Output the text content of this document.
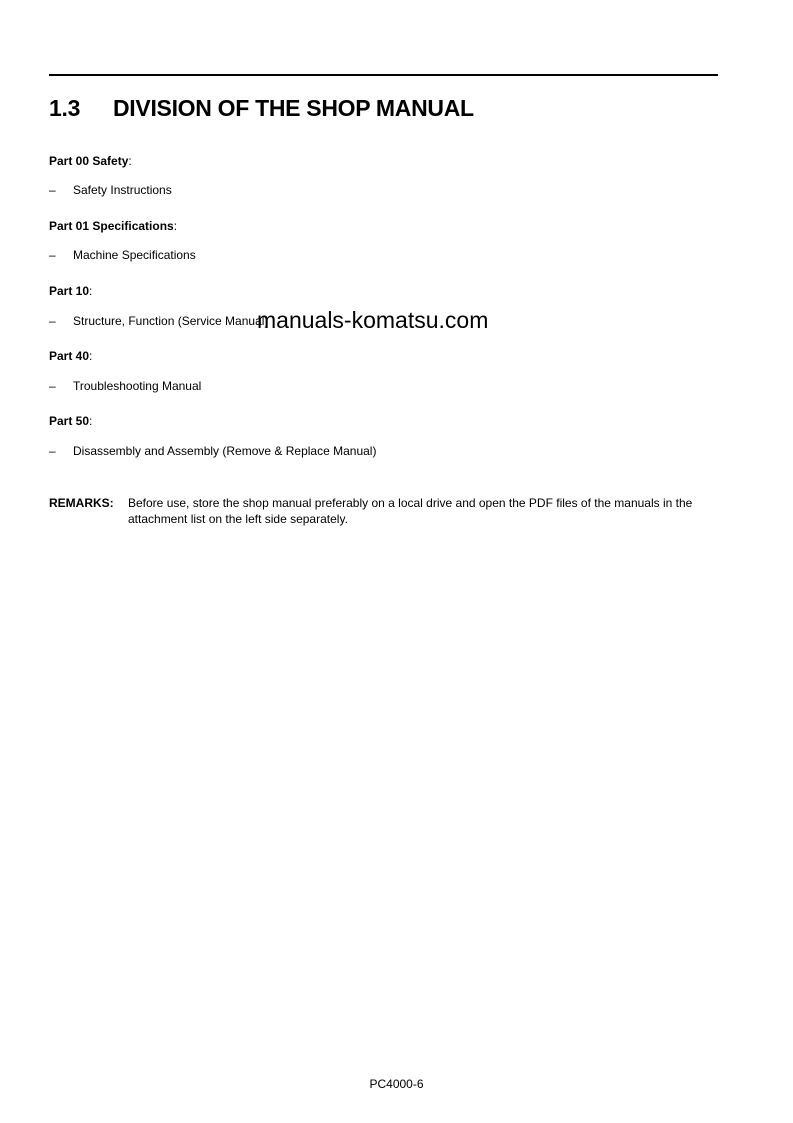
1.3 DIVISION OF THE SHOP MANUAL
Part 00 Safety:
– Safety Instructions
Part 01 Specifications:
– Machine Specifications
Part 10:
– Structure, Function (Service Manual)
Part 40:
– Troubleshooting Manual
Part 50:
– Disassembly and Assembly (Remove & Replace Manual)
REMARKS: Before use, store the shop manual preferably on a local drive and open the PDF files of the manuals in the attachment list on the left side separately.
manuals-komatsu.com
PC4000-6
